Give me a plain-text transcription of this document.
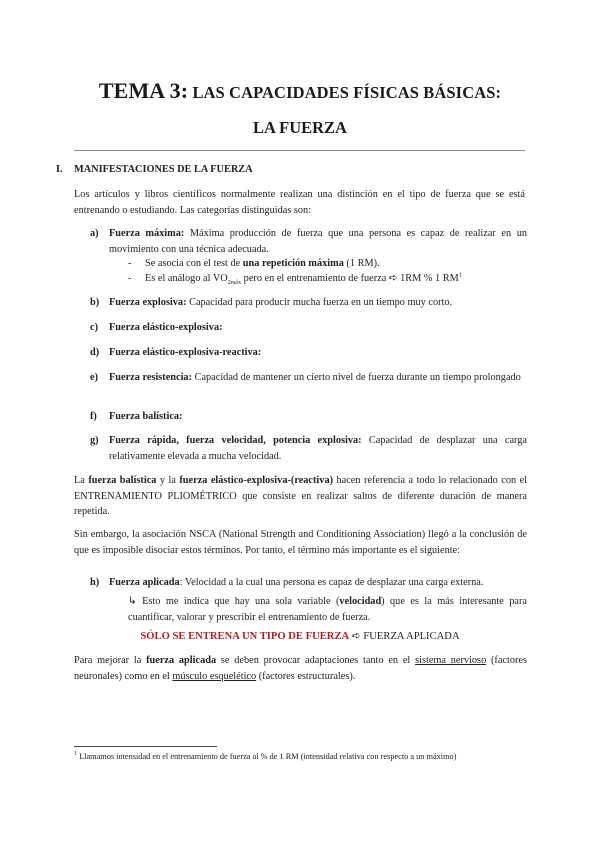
TEMA 3: LAS CAPACIDADES FÍSICAS BÁSICAS:
LA FUERZA
I. MANIFESTACIONES DE LA FUERZA
Los artículos y libros científicos normalmente realizan una distinción en el tipo de fuerza que se está entrenando o estudiando. Las categorías distinguidas son:
a) Fuerza máxima: Máxima producción de fuerza que una persona es capaz de realizar en un movimiento con una técnica adecuada.
- Se asocia con el test de una repetición máxima (1 RM).
- Es el análogo al $VO_{2máx}$ pero en el entrenamiento de fuerza ➪ 1RM % 1 $RM^1$
b) Fuerza explosiva: Capacidad para producir mucha fuerza en un tiempo muy corto.
c) Fuerza elástico-explosiva:
d) Fuerza elástico-explosiva-reactiva:
e) Fuerza resistencia: Capacidad de mantener un cierto nivel de fuerza durante un tiempo prolongado
f) Fuerza balística:
g) Fuerza rápida, fuerza velocidad, potencia explosiva: Capacidad de desplazar una carga relativamente elevada a mucha velocidad.
La fuerza balística y la fuerza elástico-explosiva-(reactiva) hacen referencia a todo lo relacionado con el ENTRENAMIENTO PLIOMÉTRICO que consiste en realizar saltos de diferente duración de manera repetida.
Sin embargo, la asociación NSCA (National Strength and Conditioning Association) llegó a la conclusión de que es imposible disociar estos términos. Por tanto, el término más importante es el siguiente:
h) Fuerza aplicada: Velocidad a la cual una persona es capaz de desplazar una carga externa.
↳ Esto me indica que hay una sola variable (velocidad) que es la más interesante para cuantificar, valorar y prescribir el entrenamiento de fuerza.
SÓLO SE ENTRENA UN TIPO DE FUERZA ➪ FUERZA APLICADA
Para mejorar la fuerza aplicada se deben provocar adaptaciones tanto en el sistema nervioso (factores neuronales) como en el músculo esquelético (factores estructurales).
$^1$ Llamamos intensidad en el entrenamiento de fuerza al % de 1 RM (intensidad relativa con respecto a un máximo)
